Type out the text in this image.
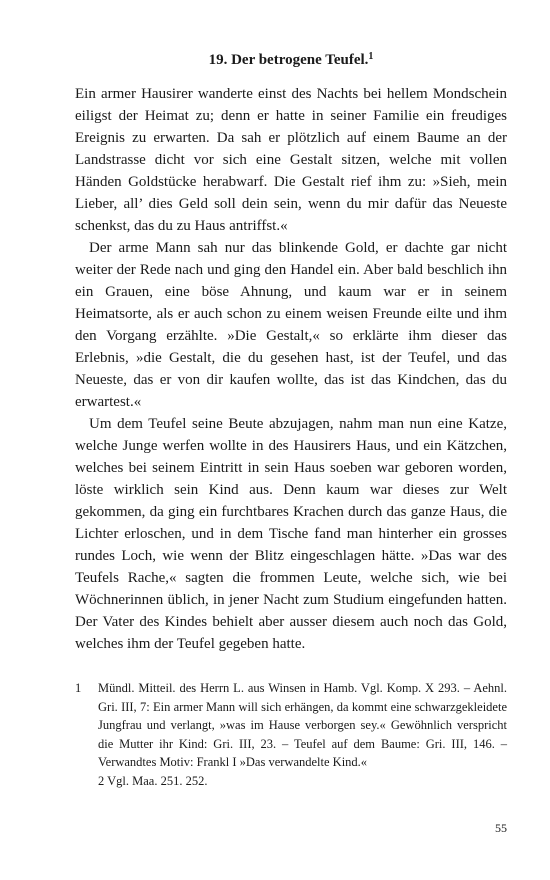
19. Der betrogene Teufel.$^1$

Ein armer Hausirer wanderte einst des Nachts bei hellem Mondschein eiligst der Heimat zu; denn er hatte in seiner Familie ein freudiges Ereignis zu erwarten. Da sah er plötzlich auf einem Baume an der Landstrasse dicht vor sich eine Gestalt sitzen, welche mit vollen Händen Goldstücke herabwarf. Die Gestalt rief ihm zu: »Sieh, mein Lieber, all’ dies Geld soll dein sein, wenn du mir dafür das Neueste schenkst, das du zu Haus antriffst.«

Der arme Mann sah nur das blinkende Gold, er dachte gar nicht weiter der Rede nach und ging den Handel ein. Aber bald beschlich ihn ein Grauen, eine böse Ahnung, und kaum war er in seinem Heimatsorte, als er auch schon zu einem weisen Freunde eilte und ihm den Vorgang erzählte. »Die Gestalt,« so erklärte ihm dieser das Erlebnis, »die Gestalt, die du gesehen hast, ist der Teufel, und das Neueste, das er von dir kaufen wollte, das ist das Kindchen, das du erwartest.«

Um dem Teufel seine Beute abzujagen, nahm man nun eine Katze, welche Junge werfen wollte in des Hausirers Haus, und ein Kätzchen, welches bei seinem Eintritt in sein Haus soeben war geboren worden, löste wirklich sein Kind aus. Denn kaum war dieses zur Welt gekommen, da ging ein furchtbares Krachen durch das ganze Haus, die Lichter erloschen, und in dem Tische fand man hinterher ein grosses rundes Loch, wie wenn der Blitz eingeschlagen hätte. »Das war des Teufels Rache,« sagten die frommen Leute, welche sich, wie bei Wöchnerinnen üblich, in jener Nacht zum Studium eingefunden hatten. Der Vater des Kindes behielt aber ausser diesem auch noch das Gold, welches ihm der Teufel gegeben hatte.

1	Mündl. Mitteil. des Herrn L. aus Winsen in Hamb. Vgl. Komp. X 293. – Aehnl. Gri. III, 7: Ein armer Mann will sich erhängen, da kommt eine schwarzgekleidete Jungfrau und verlangt, »was im Hause verborgen sey.« Gewöhnlich verspricht die Mutter ihr Kind: Gri. III, 23. – Teufel auf dem Baume: Gri. III, 146. – Verwandtes Motiv: Frankl I »Das verwandelte Kind.«
2 Vgl. Maa. 251. 252.
55
